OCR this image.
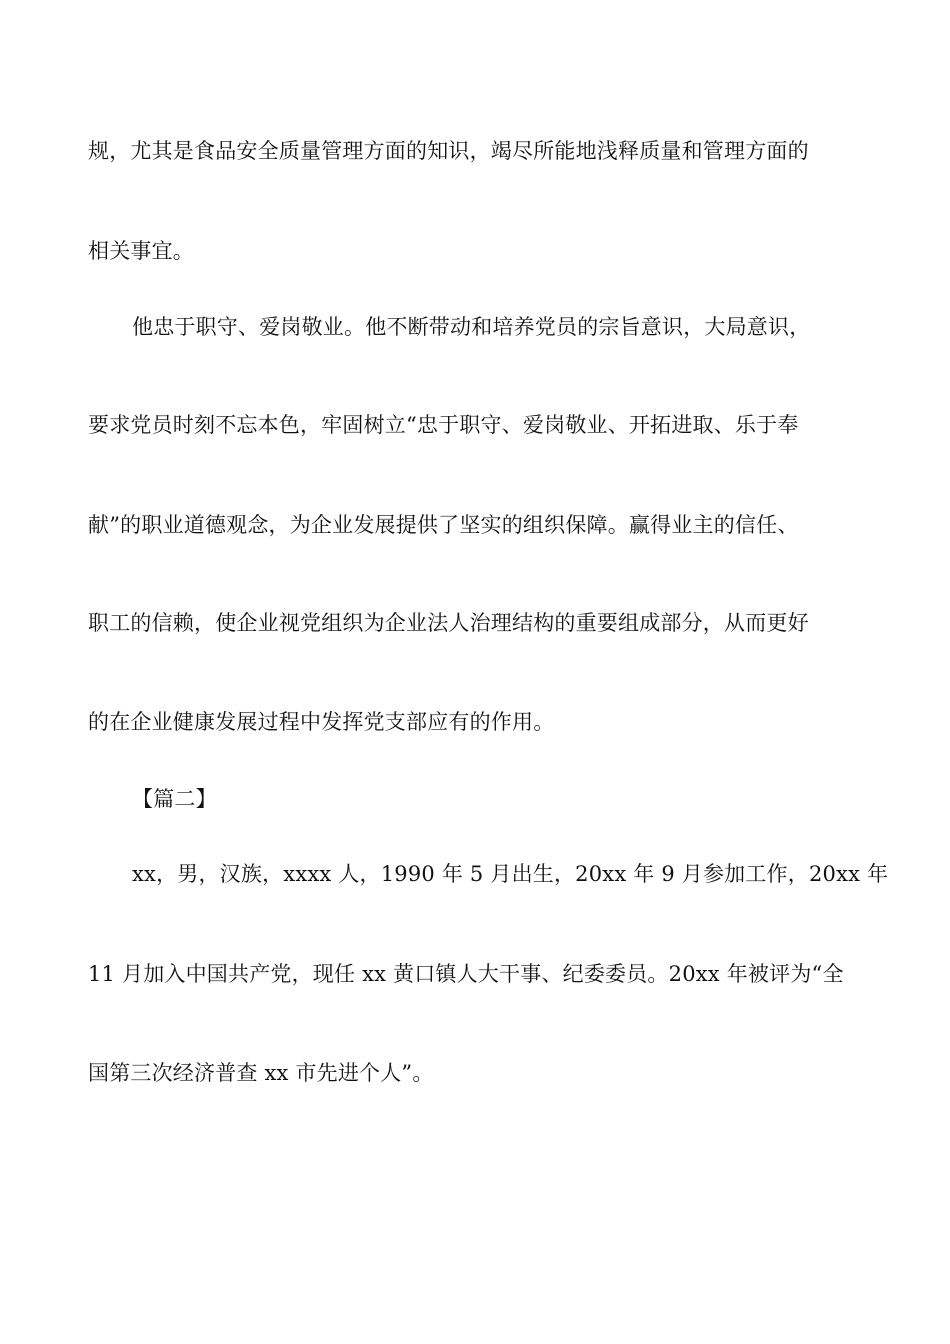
规，尤其是食品安全质量管理方面的知识，竭尽所能地浅释质量和管理方面的
相关事宜。
他忠于职守、爱岗敬业。他不断带动和培养党员的宗旨意识，大局意识，
要求党员时刻不忘本色，牢固树立“忠于职守、爱岗敬业、开拓进取、乐于奉
献”的职业道德观念，为企业发展提供了坚实的组织保障。赢得业主的信任、
职工的信赖，使企业视党组织为企业法人治理结构的重要组成部分，从而更好
的在企业健康发展过程中发挥党支部应有的作用。
【篇二】
xx，男，汉族，xxxx 人，1990 年 5 月出生，20xx 年 9 月参加工作，20xx 年
11 月加入中国共产党，现任 xx 黄口镇人大干事、纪委委员。20xx 年被评为“全
国第三次经济普查 xx 市先进个人”。
